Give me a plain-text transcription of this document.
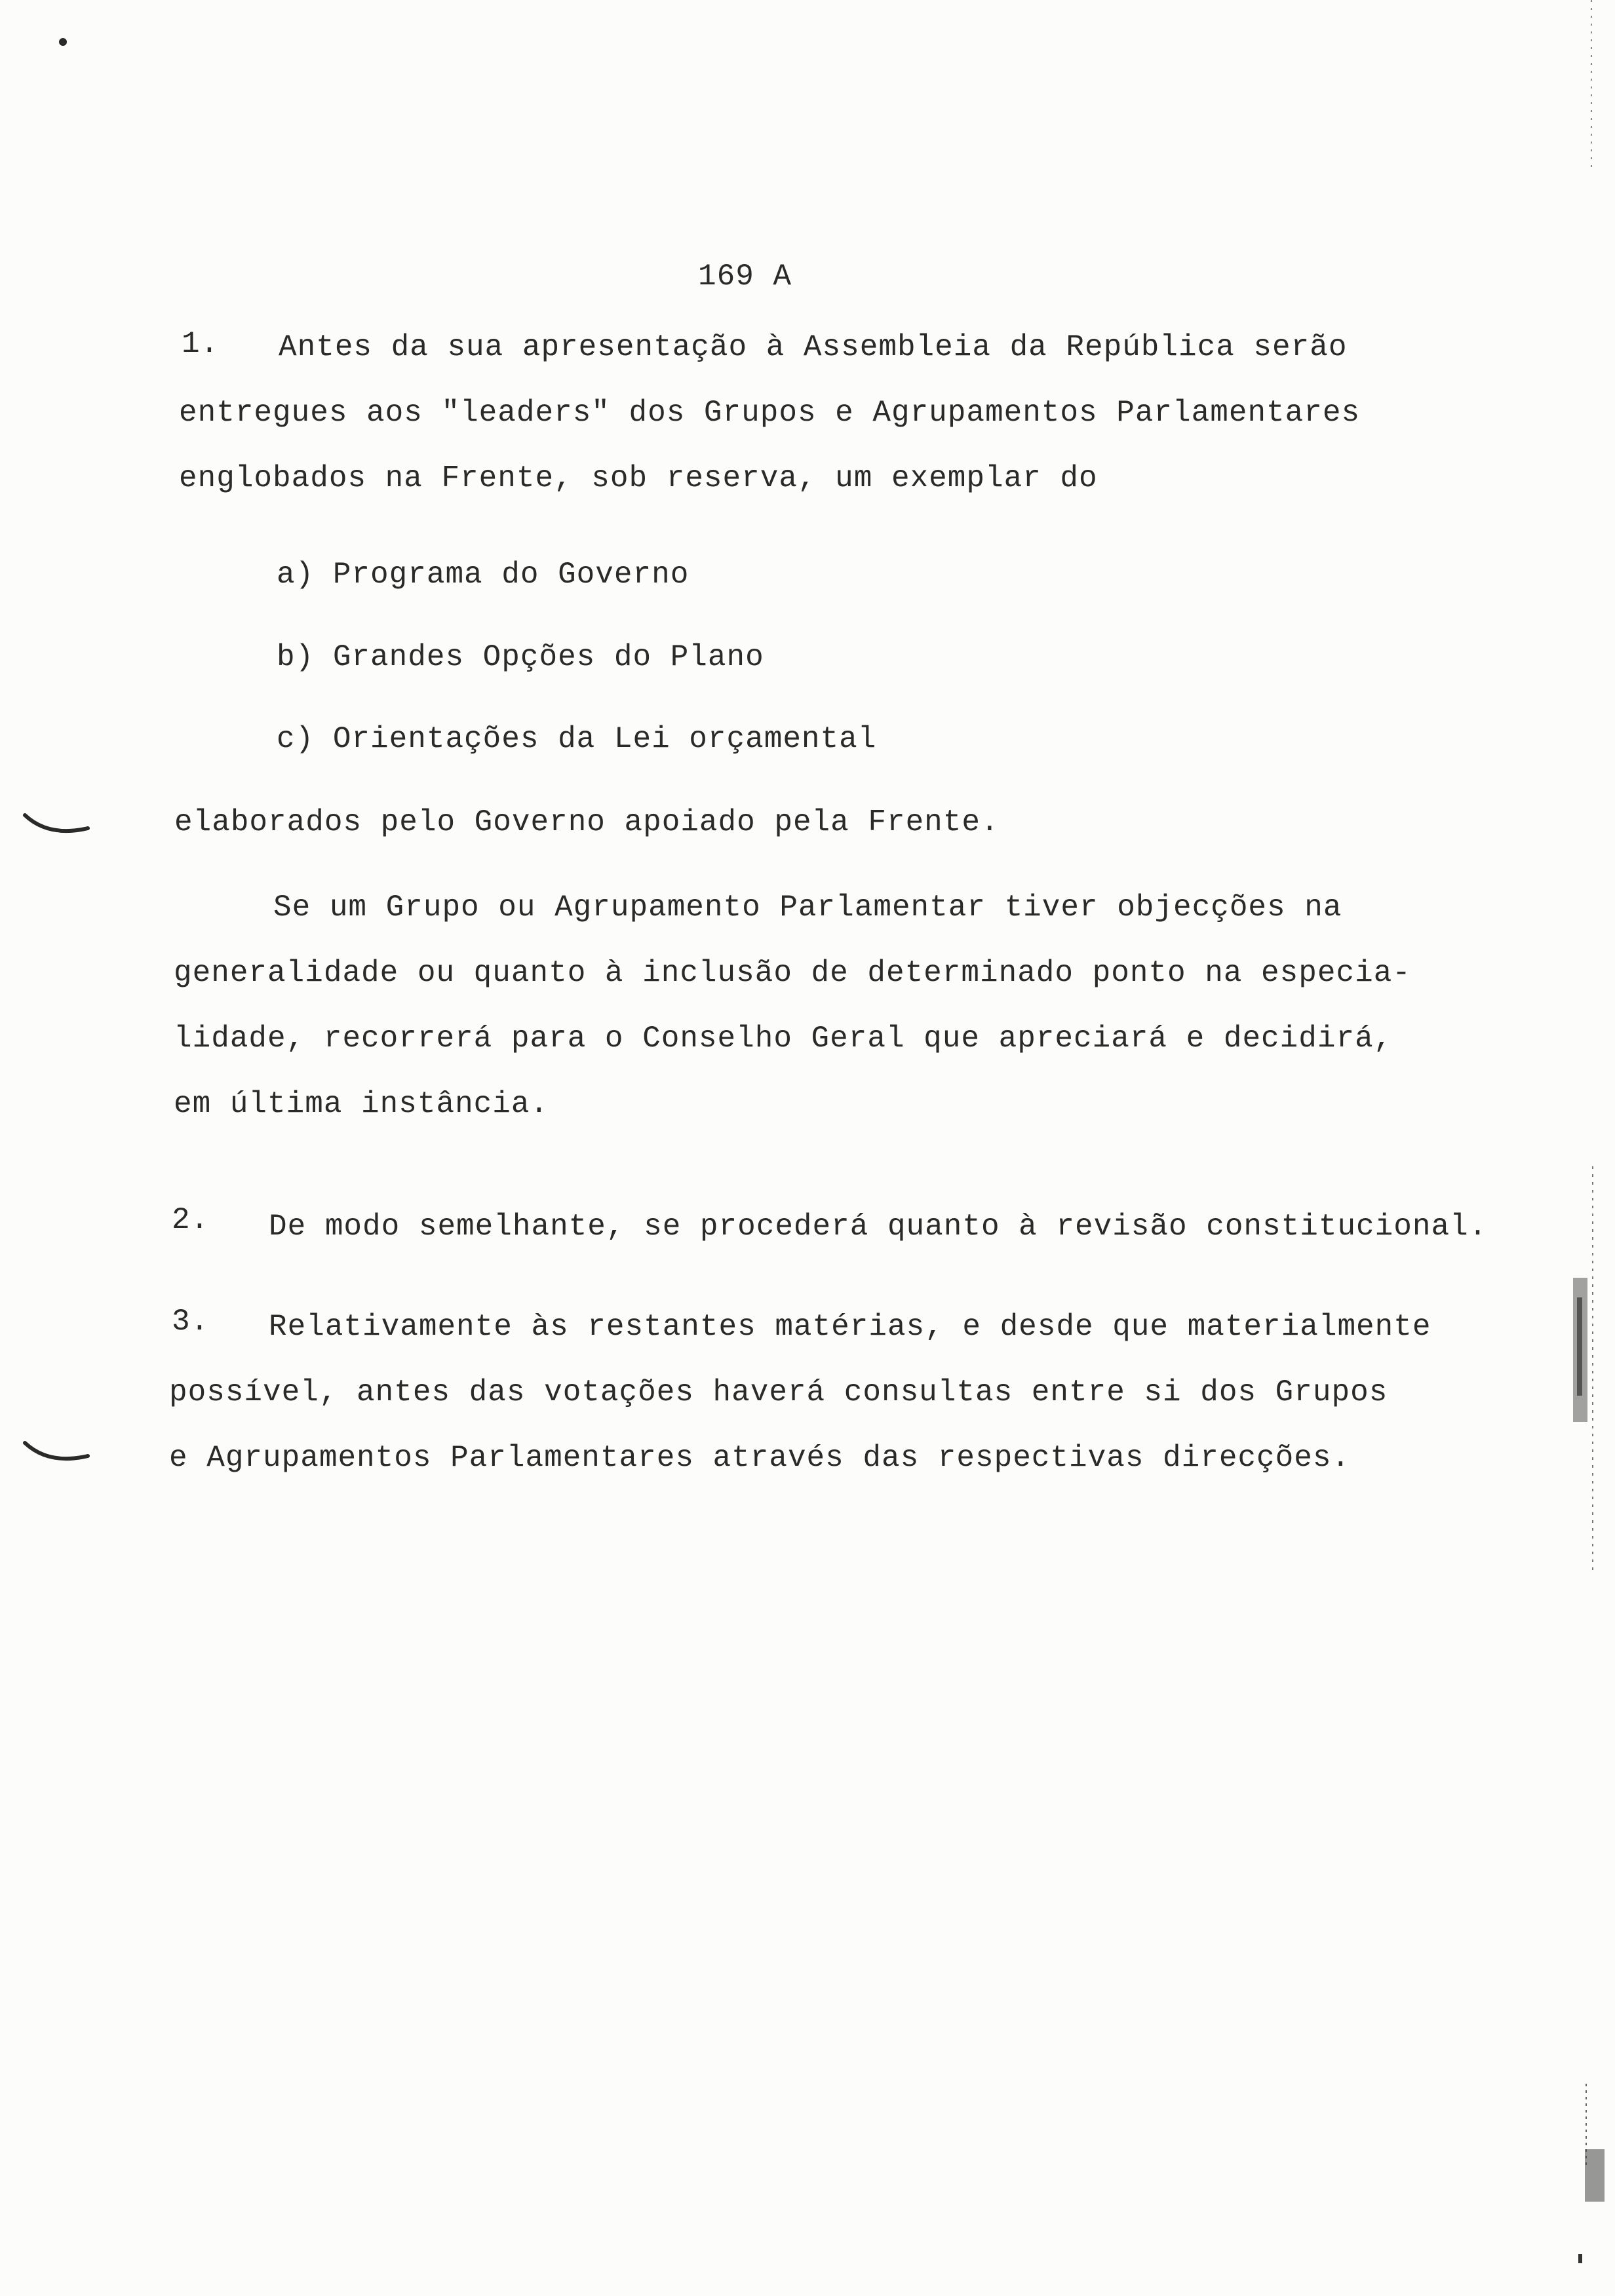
169 A
1. Antes da sua apresentação à Assembleia da República serão
entregues aos "leaders" dos Grupos e Agrupamentos Parlamentares
englobados na Frente, sob reserva, um exemplar do
a) Programa do Governo
b) Grandes Opções do Plano
c) Orientações da Lei orçamental
elaborados pelo Governo apoiado pela Frente.
Se um Grupo ou Agrupamento Parlamentar tiver objecções na
generalidade ou quanto à inclusão de determinado ponto na especia-
lidade, recorrerá para o Conselho Geral que apreciará e decidirá,
em última instância.
2. De modo semelhante, se procederá quanto à revisão constitucional.
3. Relativamente às restantes matérias, e desde que materialmente
possível, antes das votações haverá consultas entre si dos Grupos
e Agrupamentos Parlamentares através das respectivas direcções.
